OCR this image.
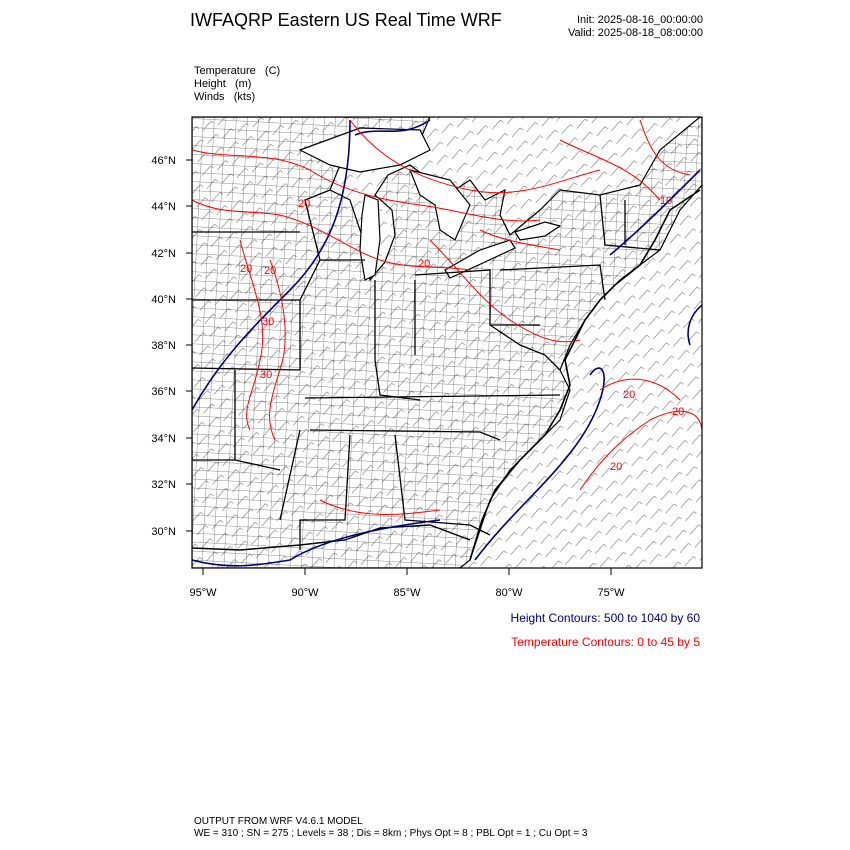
IWFAQRP Eastern US Real Time WRF	Init: 2025-08-16_00:00:00
Valid: 2025-08-18_08:00:00
Temperature   (C)
Height   (m)
Winds   (kts)
20
20
20
30
20
10
20
20
20
30
46°N
44°N
42°N
40°N
38°N
36°N
34°N
32°N
30°N
95°W	90°W	85°W	80°W	75°W
Height Contours: 500 to 1040 by 60
Temperature Contours: 0 to 45 by 5
OUTPUT FROM WRF V4.6.1 MODEL
WE = 310 ; SN = 275 ; Levels = 38 ; Dis = 8km ; Phys Opt = 8 ; PBL Opt = 1 ; Cu Opt = 3
